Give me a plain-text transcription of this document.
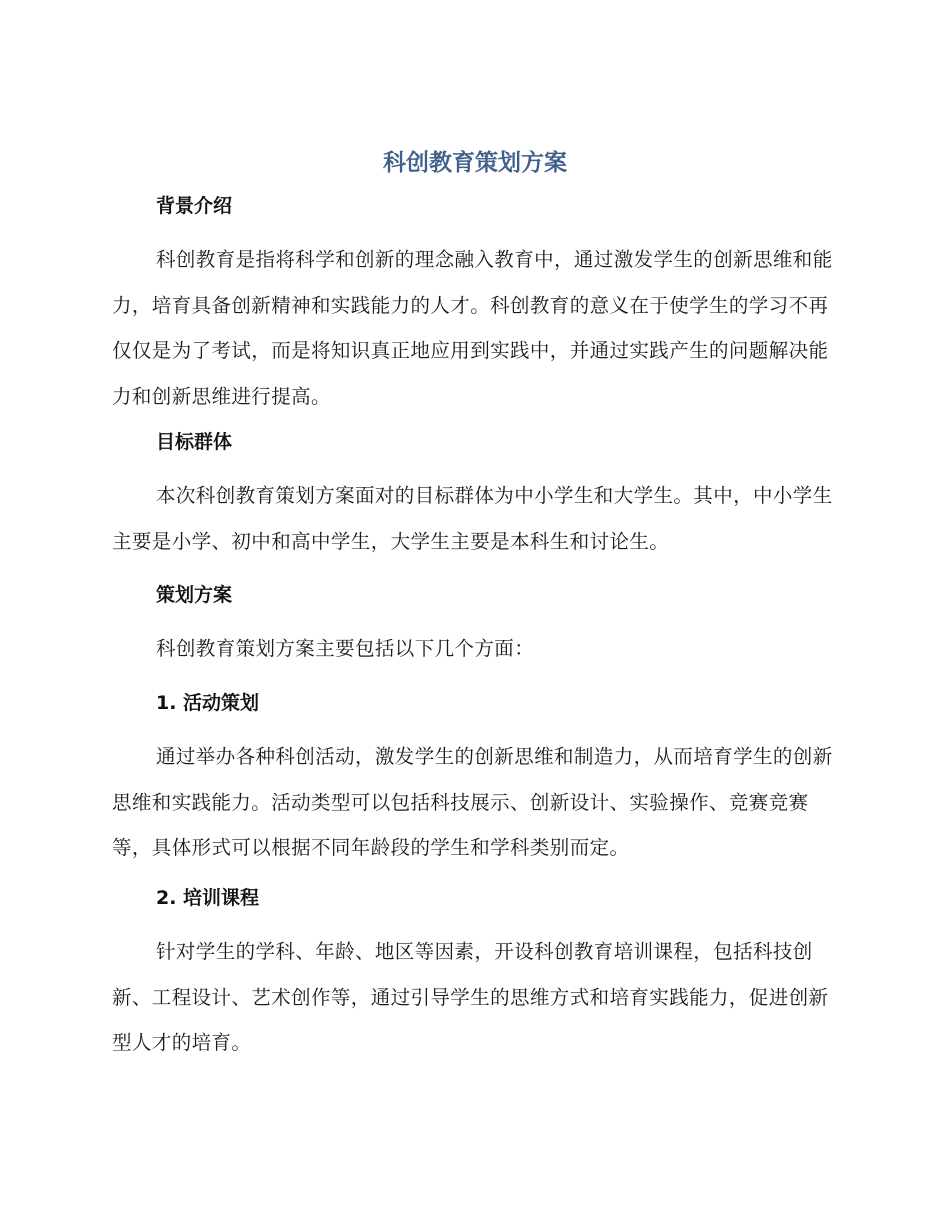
科创教育策划方案
背景介绍

科创教育是指将科学和创新的理念融入教育中，通过激发学生的创新思维和能力，培育具备创新精神和实践能力的人才。科创教育的意义在于使学生的学习不再仅仅是为了考试，而是将知识真正地应用到实践中，并通过实践产生的问题解决能力和创新思维进行提高。

目标群体

本次科创教育策划方案面对的目标群体为中小学生和大学生。其中，中小学生主要是小学、初中和高中学生，大学生主要是本科生和讨论生。

策划方案

科创教育策划方案主要包括以下几个方面：

1. 活动策划

通过举办各种科创活动，激发学生的创新思维和制造力，从而培育学生的创新思维和实践能力。活动类型可以包括科技展示、创新设计、实验操作、竞赛竞赛等，具体形式可以根据不同年龄段的学生和学科类别而定。

2. 培训课程

针对学生的学科、年龄、地区等因素，开设科创教育培训课程，包括科技创新、工程设计、艺术创作等，通过引导学生的思维方式和培育实践能力，促进创新型人才的培育。
